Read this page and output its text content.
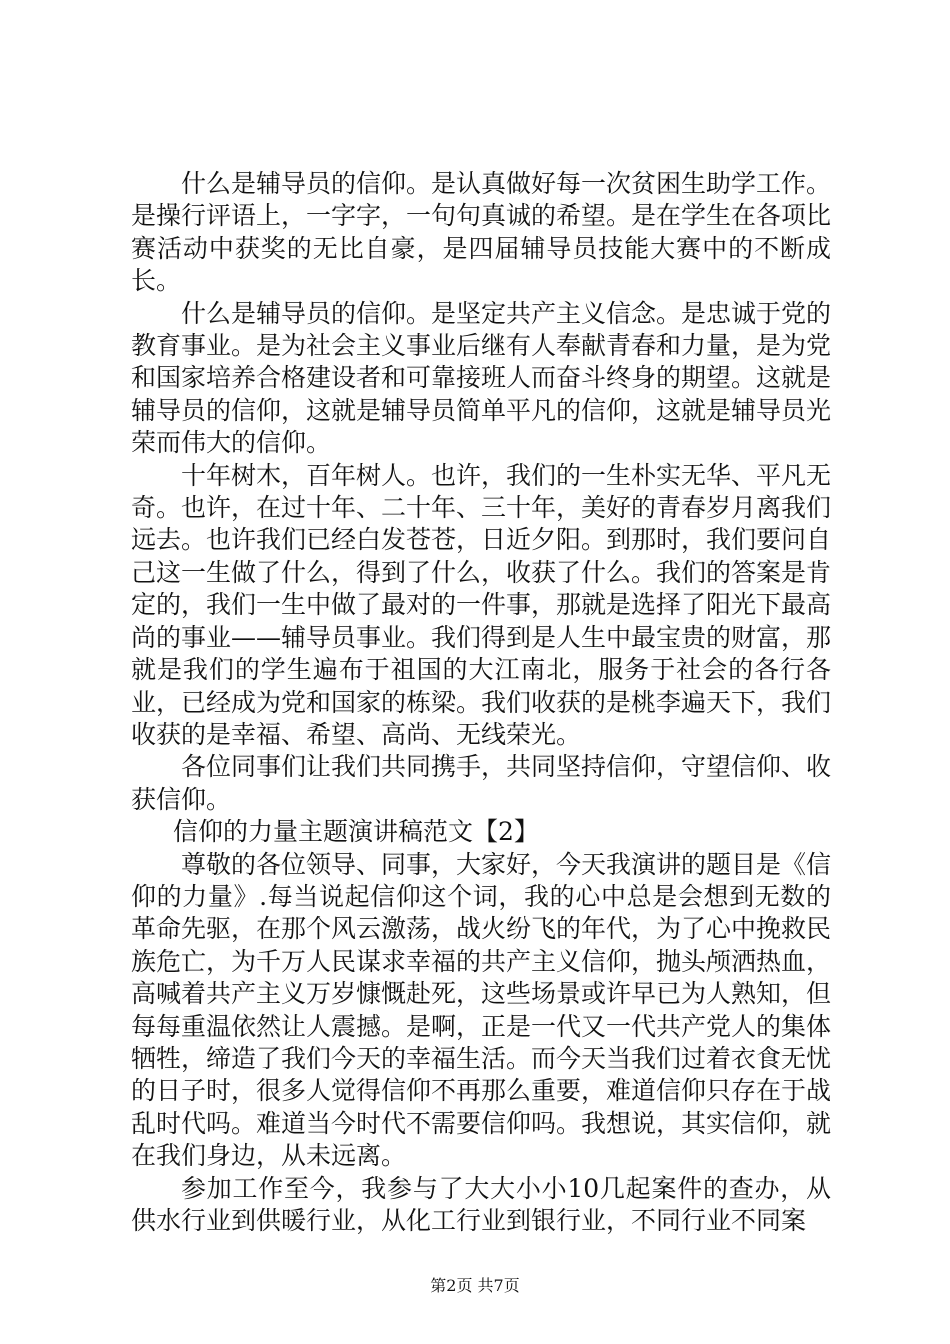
什么是辅导员的信仰。是认真做好每一次贫困生助学工作。是操行评语上，一字字，一句句真诚的希望。是在学生在各项比赛活动中获奖的无比自豪，是四届辅导员技能大赛中的不断成长。

什么是辅导员的信仰。是坚定共产主义信念。是忠诚于党的教育事业。是为社会主义事业后继有人奉献青春和力量，是为党和国家培养合格建设者和可靠接班人而奋斗终身的期望。这就是辅导员的信仰，这就是辅导员简单平凡的信仰，这就是辅导员光荣而伟大的信仰。

十年树木，百年树人。也许，我们的一生朴实无华、平凡无奇。也许，在过十年、二十年、三十年，美好的青春岁月离我们远去。也许我们已经白发苍苍，日近夕阳。到那时，我们要问自己这一生做了什么，得到了什么，收获了什么。我们的答案是肯定的，我们一生中做了最对的一件事，那就是选择了阳光下最高尚的事业——辅导员事业。我们得到是人生中最宝贵的财富，那就是我们的学生遍布于祖国的大江南北，服务于社会的各行各业，已经成为党和国家的栋梁。我们收获的是桃李遍天下，我们收获的是幸福、希望、高尚、无线荣光。

各位同事们让我们共同携手，共同坚持信仰，守望信仰、收获信仰。

信仰的力量主题演讲稿范文【2】

尊敬的各位领导、同事，大家好，今天我演讲的题目是《信仰的力量》.每当说起信仰这个词，我的心中总是会想到无数的革命先驱，在那个风云激荡，战火纷飞的年代，为了心中挽救民族危亡，为千万人民谋求幸福的共产主义信仰，抛头颅洒热血，高喊着共产主义万岁慷慨赴死，这些场景或许早已为人熟知，但每每重温依然让人震撼。是啊，正是一代又一代共产党人的集体牺牲，缔造了我们今天的幸福生活。而今天当我们过着衣食无忧的日子时，很多人觉得信仰不再那么重要，难道信仰只存在于战乱时代吗。难道当今时代不需要信仰吗。我想说，其实信仰，就在我们身边，从未远离。

参加工作至今，我参与了大大小小10几起案件的查办，从供水行业到供暖行业，从化工行业到银行业，不同行业不同案

第2页 共7页
